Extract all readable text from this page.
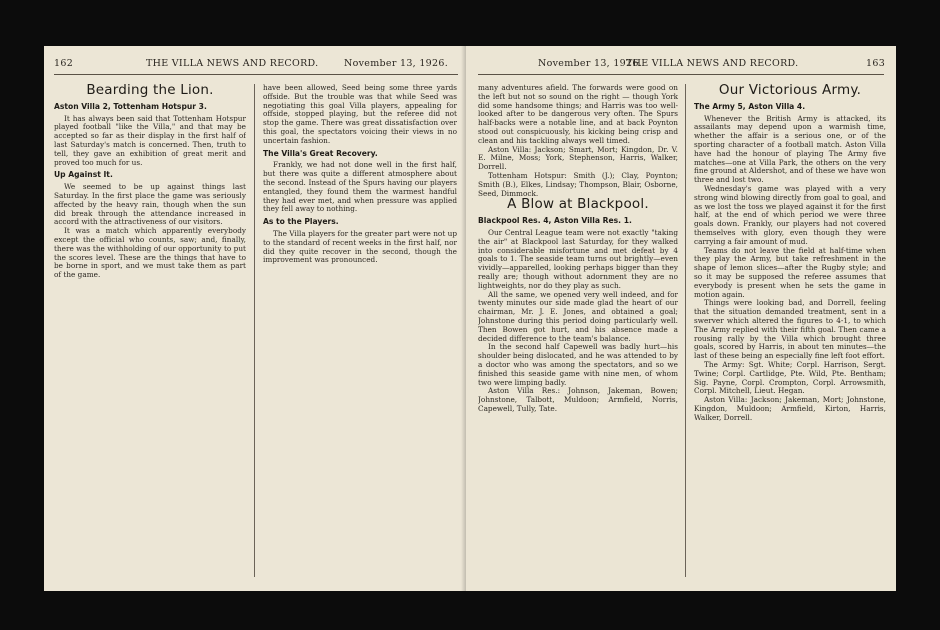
162	THE VILLA NEWS AND RECORD.	November 13, 1926.
Bearding the Lion.
Aston Villa 2, Tottenham Hotspur 3.

It has always been said that Tottenham Hotspur played football "like the Villa," and that may be accepted so far as their display in the first half of last Saturday's match is concerned. Then, truth to tell, they gave an exhibition of great merit and proved too much for us.

Up Against It.

We seemed to be up against things last Saturday. In the first place the game was seriously affected by the heavy rain, though when the sun did break through the attendance increased in accord with the attractiveness of our visitors.

It was a match which apparently everybody except the official who counts, saw; and, finally, there was the withholding of our opportunity to put the scores level. These are the things that have to be borne in sport, and we must take them as part of the game.

have been allowed, Seed being some three yards offside. But the trouble was that while Seed was negotiating this goal Villa players, appealing for offside, stopped playing, but the referee did not stop the game. There was great dissatisfaction over this goal, the spectators voicing their views in no uncertain fashion.

The Villa's Great Recovery.

Frankly, we had not done well in the first half, but there was quite a different atmosphere about the second. Instead of the Spurs having our players entangled, they found them the warmest handful they had ever met, and when pressure was applied they fell away to nothing.

As to the Players.

The Villa players for the greater part were not up to the standard of recent weeks in the first half, nor did they quite recover in the second, though the improvement was pronounced.

November 13, 1926.
THE VILLA NEWS AND RECORD.	163

many adventures afield. The forwards were good on the left but not so sound on the right — though York did some handsome things; and Harris was too well-looked after to be dangerous very often. The Spurs half-backs were a notable line, and at back Poynton stood out conspicuously, his kicking being crisp and clean and his tackling always well timed.

Aston Villa: Jackson; Smart, Mort; Kingdon, Dr. V. E. Milne, Moss; York, Stephenson, Harris, Walker, Dorrell.

Tottenham Hotspur: Smith (J.); Clay, Poynton; Smith (B.), Elkes, Lindsay; Thompson, Blair, Osborne, Seed, Dimmock.

A Blow at Blackpool.
Blackpool Res. 4, Aston Villa Res. 1.

Our Central League team were not exactly "taking the air" at Blackpool last Saturday, for they walked into considerable misfortune and met defeat by 4 goals to 1. The seaside team turns out brightly—even vividly—apparelled, looking perhaps bigger than they really are; though without adornment they are no lightweights, nor do they play as such.

All the same, we opened very well indeed, and for twenty minutes our side made glad the heart of our chairman, Mr. J. E. Jones, and obtained a goal; Johnstone during this period doing particularly well. Then Bowen got hurt, and his absence made a decided difference to the team's balance.

In the second half Capewell was badly hurt—his shoulder being dislocated, and he was attended to by a doctor who was among the spectators, and so we finished this seaside game with nine men, of whom two were limping badly.

Aston Villa Res.: Johnson, Jakeman, Bowen; Johnstone, Talbott, Muldoon; Armfield, Norris, Capewell, Tully, Tate.

Our Victorious Army.
The Army 5, Aston Villa 4.

Whenever the British Army is attacked, its assailants may depend upon a warmish time, whether the affair is a serious one, or of the sporting character of a football match. Aston Villa have had the honour of playing The Army five matches—one at Villa Park, the others on the very fine ground at Aldershot, and of these we have won three and lost two.

Wednesday's game was played with a very strong wind blowing directly from goal to goal, and as we lost the toss we played against it for the first half, at the end of which period we were three goals down. Frankly, our players had not covered themselves with glory, even though they were carrying a fair amount of mud.

Teams do not leave the field at half-time when they play the Army, but take refreshment in the shape of lemon slices—after the Rugby style; and so it may be supposed the referee assumes that everybody is present when he sets the game in motion again.

Things were looking bad, and Dorrell, feeling that the situation demanded treatment, sent in a swerver which altered the figures to 4-1, to which The Army replied with their fifth goal. Then came a rousing rally by the Villa which brought three goals, scored by Harris, in about ten minutes—the last of these being an especially fine left foot effort.

The Army: Sgt. White; Corpl. Harrison, Sergt. Twine; Corpl. Cartlidge, Pte. Wild, Pte. Bentham; Sig. Payne, Corpl. Crompton, Corpl. Arrowsmith, Corpl. Mitchell, Lieut. Hegan.

Aston Villa: Jackson; Jakeman, Mort; Johnstone, Kingdon, Muldoon; Armfield, Kirton, Harris, Walker, Dorrell.
